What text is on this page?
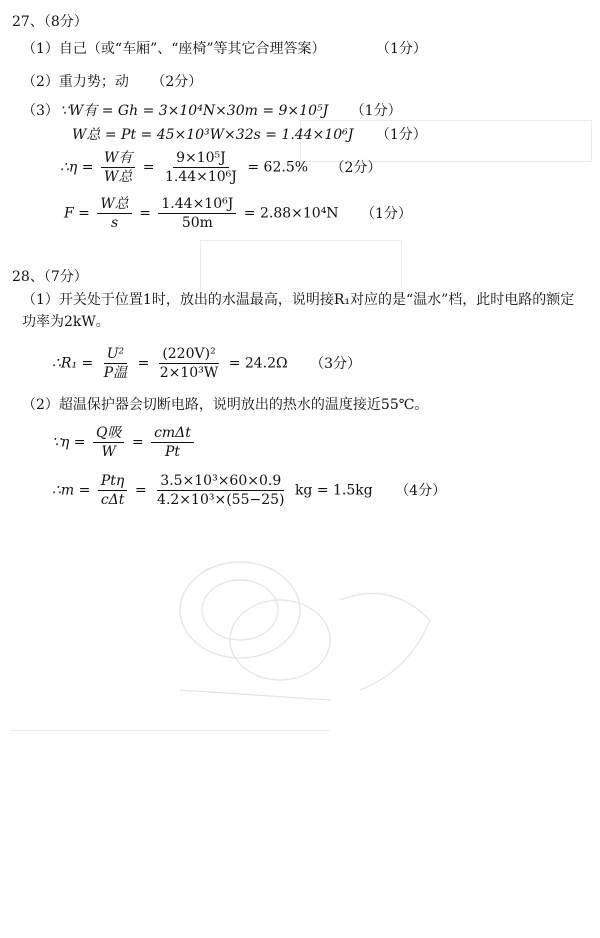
27、（8分）
（1）自己（或“车厢”、“座椅”等其它合理答案）	（1分）
（2）重力势；动 （2分）
（3） ∵W有 = Gh = 3×10⁴N×30m = 9×10⁵J （1分）
W总 = Pt = 45×10³W×32s = 1.44×10⁶J （1分）
∴η = $\frac{\text{W有}}{\text{W总}} = \frac{\text{9×10⁵J}}{\text{1.44×10⁶J}} = 62.5\%$ （2分）
$F = \frac{\text{W总}}{s} = \frac{\text{1.44×10⁶J}}{50m} = 2.88\times 10^4N$ （1分）
28、（7分）
（1）开关处于位置1时，放出的水温最高，说明接R₁对应的是“温水”档，此时电路的额定功率为2kW。
∴R₁ = $\frac{\text{U²}}{\text{P温}} = \frac{\text{(220V)²}}{\text{2×10³W}} = 24.2\Omega$ （3分）
（2）超温保护器会切断电路，说明放出的热水的温度接近55℃。
∵η = $\frac{\text{Q吸}}{W} = \frac{\text{cmΔt}}{Pt}$
∴m = $\frac{\text{Ptη}}{\text{cΔt}} = \frac{\text{3.5×10³×60×0.9}}{\text{4.2×10³×(55−25)}}$ kg = 1.5kg （4分）
